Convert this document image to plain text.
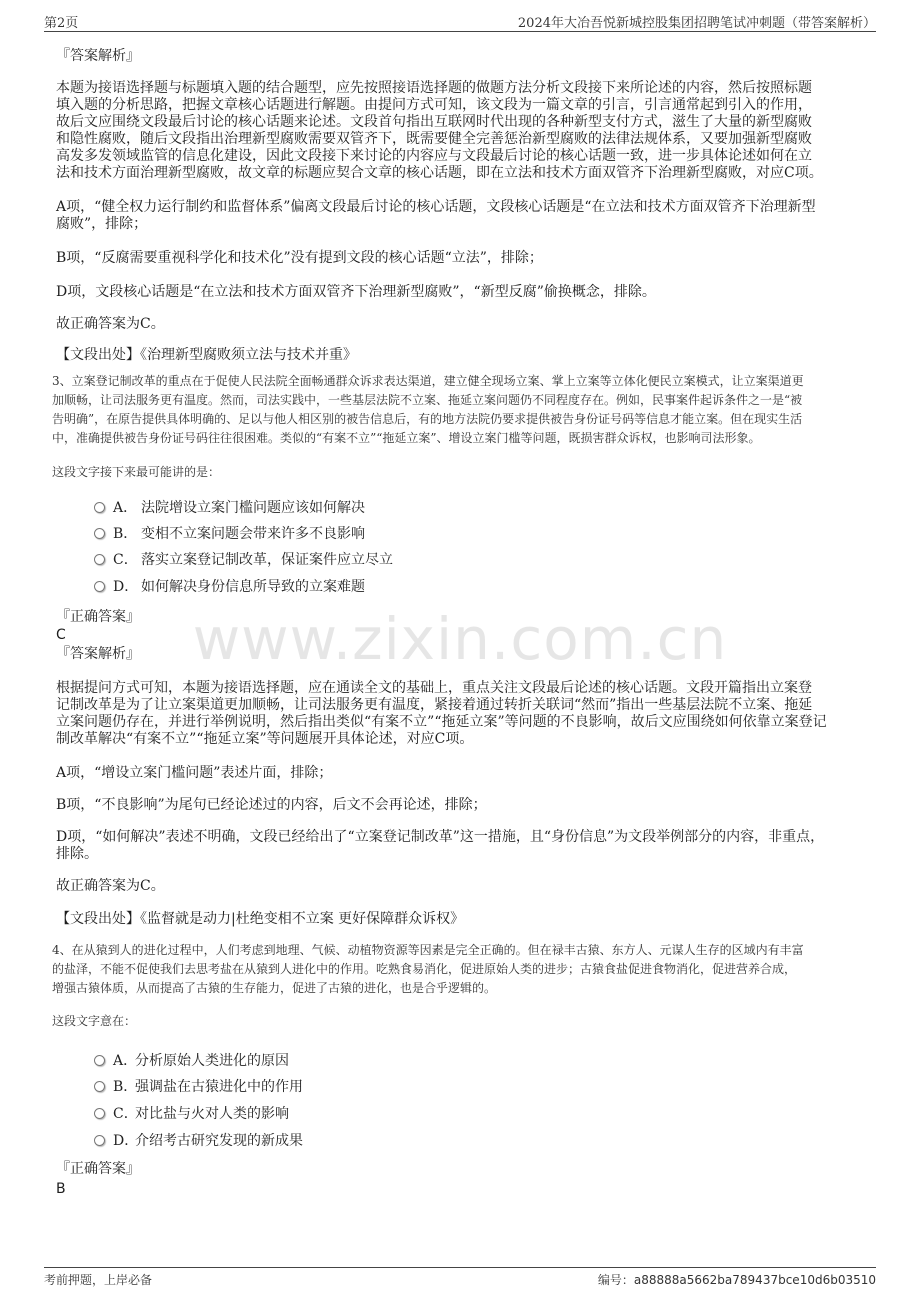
第2页	2024年大冶吾悦新城控股集团招聘笔试冲刺题（带答案解析）
www.zixin.com.cn
『答案解析』
本题为接语选择题与标题填入题的结合题型，应先按照接语选择题的做题方法分析文段接下来所论述的内容，然后按照标题
填入题的分析思路，把握文章核心话题进行解题。由提问方式可知，该文段为一篇文章的引言，引言通常起到引入的作用，
故后文应围绕文段最后讨论的核心话题来论述。文段首句指出互联网时代出现的各种新型支付方式，滋生了大量的新型腐败
和隐性腐败，随后文段指出治理新型腐败需要双管齐下，既需要健全完善惩治新型腐败的法律法规体系，又要加强新型腐败
高发多发领域监管的信息化建设，因此文段接下来讨论的内容应与文段最后讨论的核心话题一致，进一步具体论述如何在立
法和技术方面治理新型腐败，故文章的标题应契合文章的核心话题，即在立法和技术方面双管齐下治理新型腐败，对应C项。
A项，“健全权力运行制约和监督体系”偏离文段最后讨论的核心话题，文段核心话题是“在立法和技术方面双管齐下治理新型
腐败”，排除；
B项，“反腐需要重视科学化和技术化”没有提到文段的核心话题“立法”，排除；
D项，文段核心话题是“在立法和技术方面双管齐下治理新型腐败”，“新型反腐”偷换概念，排除。
故正确答案为C。
【文段出处】《治理新型腐败须立法与技术并重》
3、立案登记制改革的重点在于促使人民法院全面畅通群众诉求表达渠道，建立健全现场立案、掌上立案等立体化便民立案模式，让立案渠道更
加顺畅，让司法服务更有温度。然而，司法实践中，一些基层法院不立案、拖延立案问题仍不同程度存在。例如，民事案件起诉条件之一是“被
告明确”，在原告提供具体明确的、足以与他人相区别的被告信息后，有的地方法院仍要求提供被告身份证号码等信息才能立案。但在现实生活
中，准确提供被告身份证号码往往很困难。类似的“有案不立”“拖延立案”、增设立案门槛等问题，既损害群众诉权，也影响司法形象。
这段文字接下来最可能讲的是：
A． 法院增设立案门槛问题应该如何解决
B． 变相不立案问题会带来许多不良影响
C． 落实立案登记制改革，保证案件应立尽立
D． 如何解决身份信息所导致的立案难题
『正确答案』
C
『答案解析』
根据提问方式可知，本题为接语选择题，应在通读全文的基础上，重点关注文段最后论述的核心话题。文段开篇指出立案登
记制改革是为了让立案渠道更加顺畅，让司法服务更有温度，紧接着通过转折关联词“然而”指出一些基层法院不立案、拖延
立案问题仍存在，并进行举例说明，然后指出类似“有案不立”“拖延立案”等问题的不良影响，故后文应围绕如何依靠立案登记
制改革解决“有案不立”“拖延立案”等问题展开具体论述，对应C项。
A项，“增设立案门槛问题”表述片面，排除；
B项，“不良影响”为尾句已经论述过的内容，后文不会再论述，排除；
D项，“如何解决”表述不明确，文段已经给出了“立案登记制改革”这一措施，且“身份信息”为文段举例部分的内容，非重点，
排除。
故正确答案为C。
【文段出处】《监督就是动力|杜绝变相不立案 更好保障群众诉权》
4、在从猿到人的进化过程中，人们考虑到地理、气候、动植物资源等因素是完全正确的。但在禄丰古猿、东方人、元谋人生存的区域内有丰富
的盐泽，不能不促使我们去思考盐在从猿到人进化中的作用。吃熟食易消化，促进原始人类的进步；古猿食盐促进食物消化，促进营养合成，
增强古猿体质，从而提高了古猿的生存能力，促进了古猿的进化，也是合乎逻辑的。
这段文字意在：
A．分析原始人类进化的原因
B．强调盐在古猿进化中的作用
C．对比盐与火对人类的影响
D．介绍考古研究发现的新成果
『正确答案』
B
考前押题，上岸必备	编号：a88888a5662ba789437bce10d6b03510
